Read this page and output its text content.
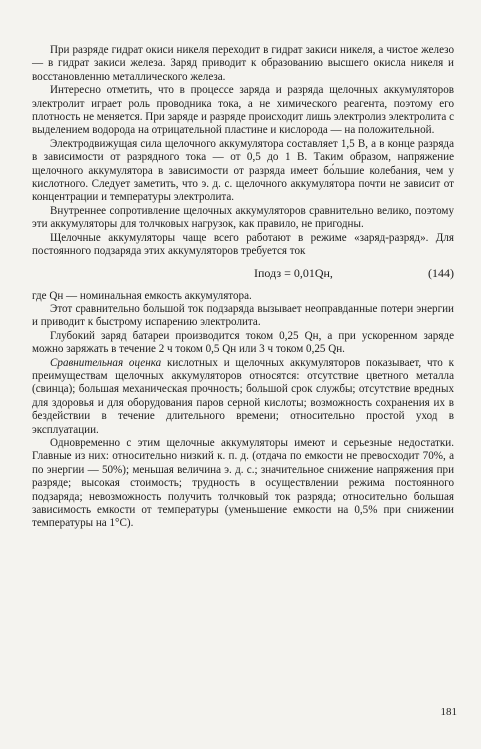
При разряде гидрат окиси никеля переходит в гидрат закиси никеля, а чистое железо — в гидрат закиси железа. Заряд приводит к образованию высшего окисла никеля и восстановленню металлического железа.

Интересно отметить, что в процессе заряда и разряда щелочных аккумуляторов электролит играет роль проводника тока, а не химического реагента, поэтому его плотность не меняется. При заряде и разряде происходит лишь электролиз электролита с выделением водорода на отрицательной пластине и кислорода — на положительной.

Электродвижущая сила щелочного аккумулятора составляет 1,5 В, а в конце разряда в зависимости от разрядного тока — от 0,5 до 1 В. Таким образом, напряжение щелочного аккумулятора в зависимости от разряда имеет бо́льшие колебания, чем у кислотного. Следует заметить, что э. д. с. щелочного аккумулятора почти не зависит от концентрации и температуры электролита.

Внутреннее сопротивление щелочных аккумуляторов сравнительно велико, поэтому эти аккумуляторы для толчковых нагрузок, как правило, не пригодны.

Щелочные аккумуляторы чаще всего работают в режиме «заряд-разряд». Для постоянного подзаряда этих аккумуляторов требуется ток

Iподз = 0,01Qн,	(144)

где Qн — номинальная емкость аккумулятора.

Этот сравнительно большой ток подзаряда вызывает неоправданные потери энергии и приводит к быстрому испарению электролита.

Глубокий заряд батареи производится током 0,25 Qн, а при ускоренном заряде можно заряжать в течение 2 ч током 0,5 Qн или 3 ч током 0,25 Qн.

Сравнительная оценка кислотных и щелочных аккумуляторов показывает, что к преимуществам щелочных аккумуляторов относятся: отсутствие цветного металла (свинца); большая механическая прочность; большой срок службы; отсутствие вредных для здоровья и для оборудования паров серной кислоты; возможность сохранения их в бездействии в течение длительного времени; относительно простой уход в эксплуатации.

Одновременно с этим щелочные аккумуляторы имеют и серьезные недостатки. Главные из них: относительно низкий к. п. д. (отдача по емкости не превосходит 70%, а по энергии — 50%); меньшая величина э. д. с.; значительное снижение напряжения при разряде; высокая стоимость; трудность в осуществлении режима постоянного подзаряда; невозможность получить толчковый ток разряда; относительно большая зависимость емкости от температуры (уменьшение емкости на 0,5% при снижении температуры на 1°С).

181
